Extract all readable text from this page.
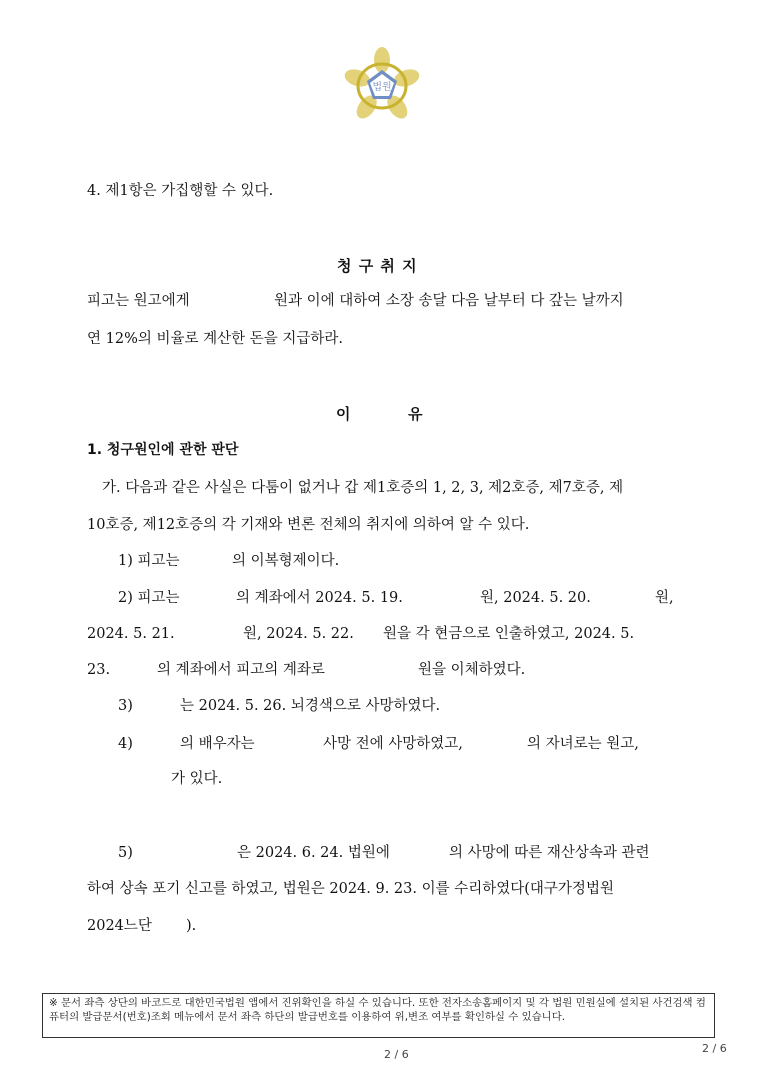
법원
4. 제1항은 가집행할 수 있다.
청 구 취 지
피고는 원고에게	원과 이에 대하여 소장 송달 다음 날부터 다 갚는 날까지
연 12%의 비율로 계산한 돈을 지급하라.
이	유
1. 청구원인에 관한 판단
가. 다음과 같은 사실은 다툼이 없거나 갑 제1호증의 1, 2, 3, 제2호증, 제7호증, 제
10호증, 제12호증의 각 기재와 변론 전체의 취지에 의하여 알 수 있다.
1) 피고는	의 이복형제이다.
2) 피고는	의 계좌에서 2024. 5. 19.	원, 2024. 5. 20.	원,
2024. 5. 21.	원, 2024. 5. 22. 원을 각 현금으로 인출하였고, 2024. 5.
23.	의 계좌에서 피고의 계좌로	원을 이체하였다.
3)	는 2024. 5. 26. 뇌경색으로 사망하였다.
4)	의 배우자는	사망 전에 사망하였고,	의 자녀로는 원고,
가 있다.
5)	은 2024. 6. 24. 법원에	의 사망에 따른 재산상속과 관련
하여 상속 포기 신고를 하였고, 법원은 2024. 9. 23. 이를 수리하였다(대구가정법원
2024느단 ).
※ 문서 좌측 상단의 바코드로 대한민국법원 앱에서 진위확인을 하실 수 있습니다. 또한 전자소송홈페이지 및 각 법원 민원실에 설치된 사건검색 컴퓨터의 발급문서(번호)조회 메뉴에서 문서 좌측 하단의 발급번호를 이용하여 위,변조 여부를 확인하실 수 있습니다.
2 / 6	2 / 6
